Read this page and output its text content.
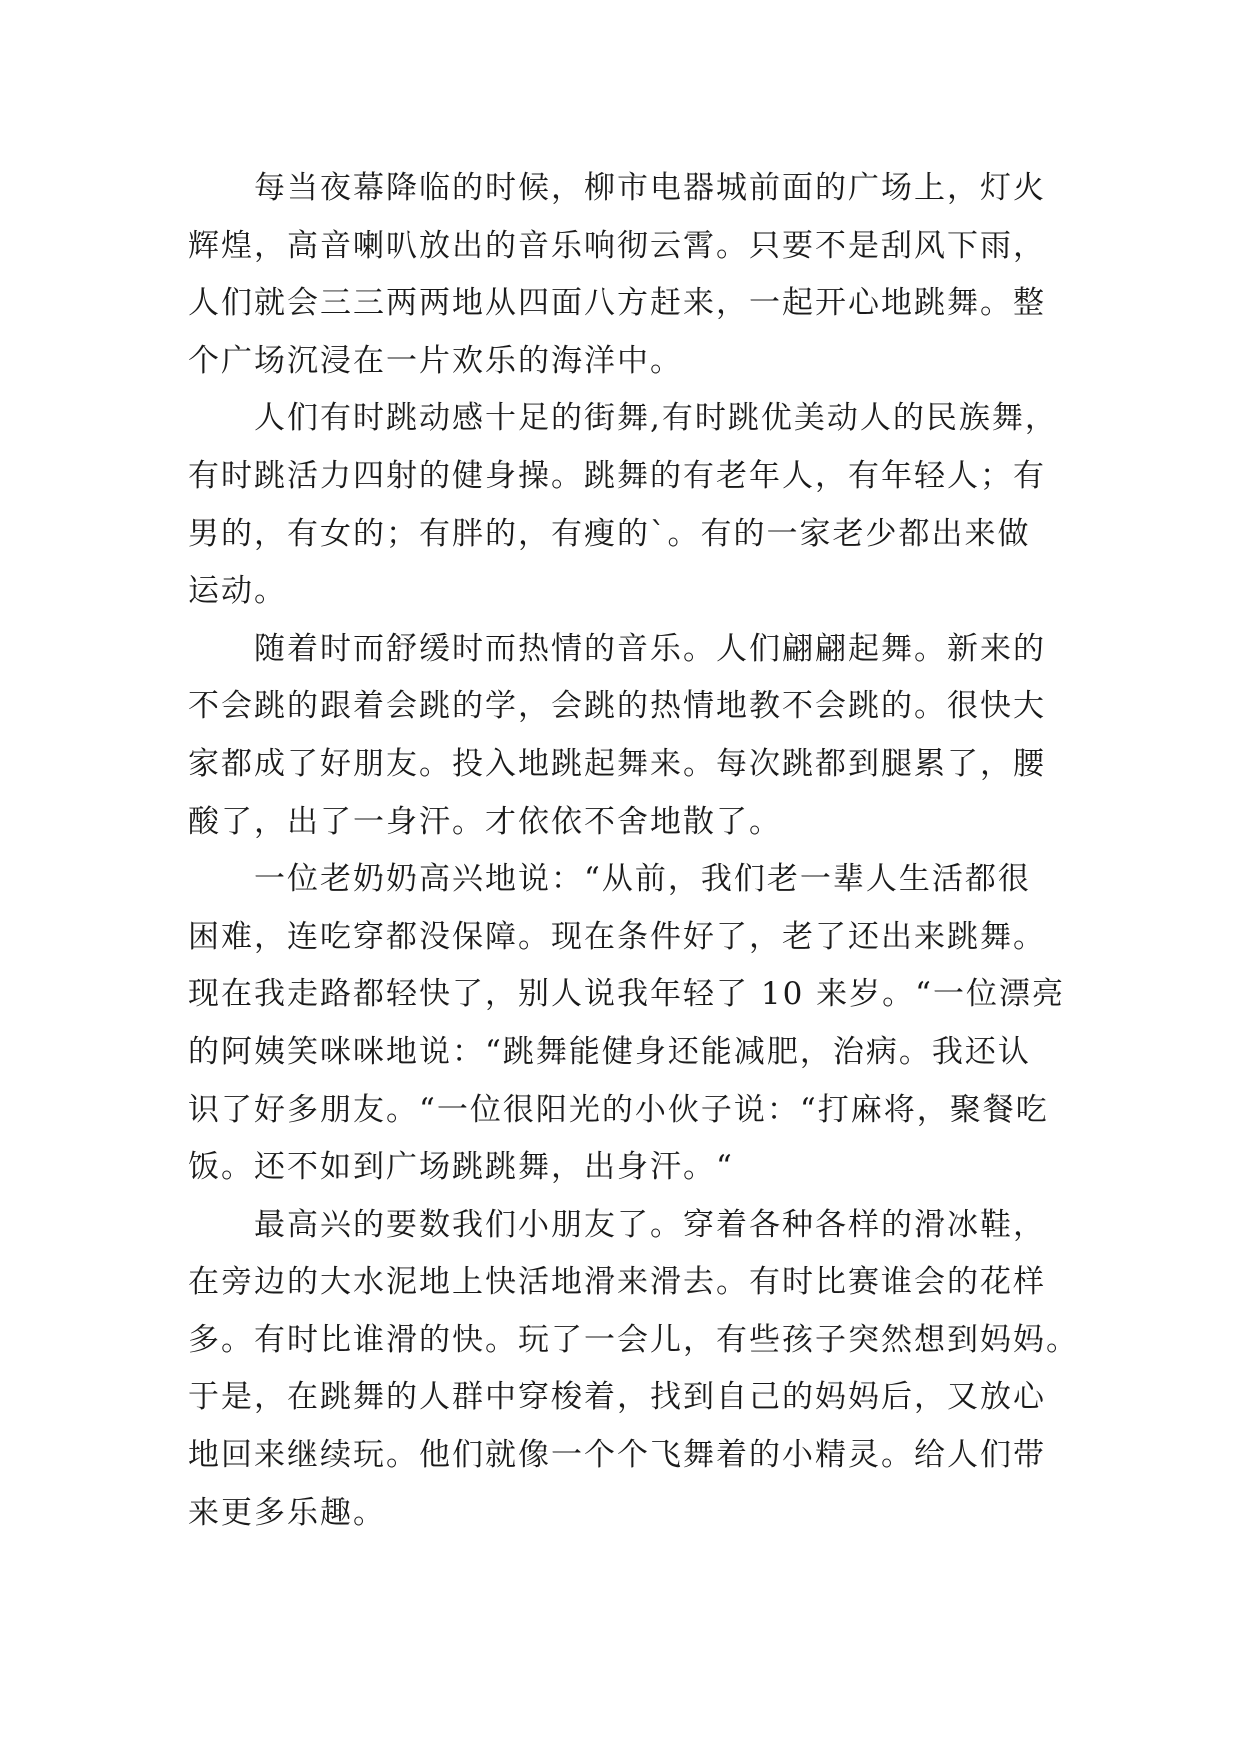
每当夜幕降临的时候，柳市电器城前面的广场上，灯火
辉煌，高音喇叭放出的音乐响彻云霄。只要不是刮风下雨，
人们就会三三两两地从四面八方赶来，一起开心地跳舞。整
个广场沉浸在一片欢乐的海洋中。
人们有时跳动感十足的街舞,有时跳优美动人的民族舞，
有时跳活力四射的健身操。跳舞的有老年人，有年轻人；有
男的，有女的；有胖的，有瘦的`。有的一家老少都出来做
运动。
随着时而舒缓时而热情的音乐。人们翩翩起舞。新来的
不会跳的跟着会跳的学，会跳的热情地教不会跳的。很快大
家都成了好朋友。投入地跳起舞来。每次跳都到腿累了，腰
酸了，出了一身汗。才依依不舍地散了。
一位老奶奶高兴地说：“从前，我们老一辈人生活都很
困难，连吃穿都没保障。现在条件好了，老了还出来跳舞。
现在我走路都轻快了，别人说我年轻了 10 来岁。“一位漂亮
的阿姨笑咪咪地说：“跳舞能健身还能减肥，治病。我还认
识了好多朋友。“一位很阳光的小伙子说：“打麻将，聚餐吃
饭。还不如到广场跳跳舞，出身汗。“
最高兴的要数我们小朋友了。穿着各种各样的滑冰鞋，
在旁边的大水泥地上快活地滑来滑去。有时比赛谁会的花样
多。有时比谁滑的快。玩了一会儿，有些孩子突然想到妈妈。
于是，在跳舞的人群中穿梭着，找到自己的妈妈后，又放心
地回来继续玩。他们就像一个个飞舞着的小精灵。给人们带
来更多乐趣。
